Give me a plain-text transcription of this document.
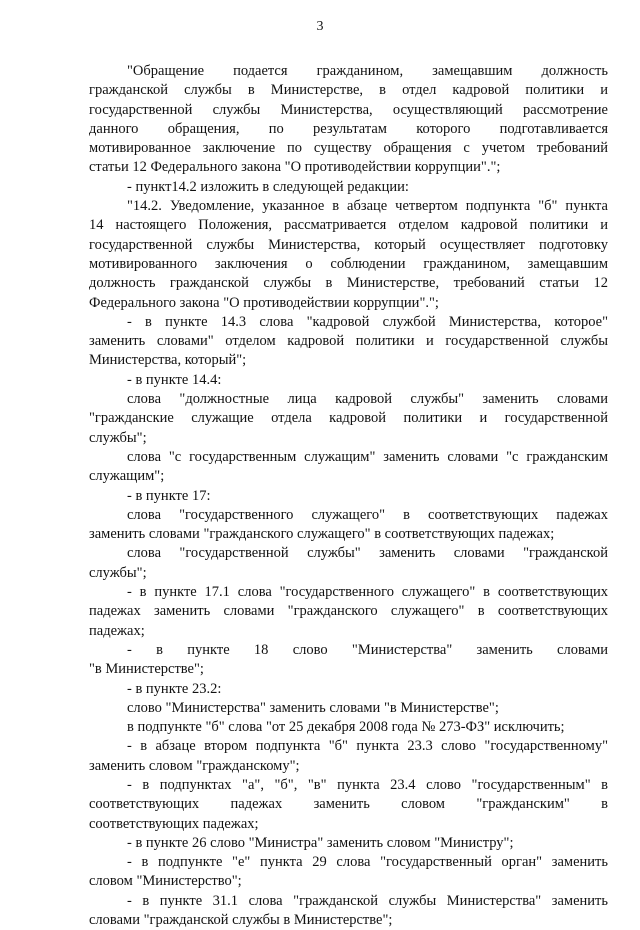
3
"Обращение подается гражданином, замещавшим должность
гражданской службы в Министерстве, в отдел кадровой политики и
государственной службы Министерства, осуществляющий рассмотрение
данного обращения, по результатам которого подготавливается
мотивированное заключение по существу обращения с учетом требований
статьи 12 Федерального закона "О противодействии коррупции".";
- пункт14.2 изложить в следующей редакции:
"14.2. Уведомление, указанное в абзаце четвертом подпункта "б" пункта
14 настоящего Положения, рассматривается отделом кадровой политики и
государственной службы Министерства, который осуществляет подготовку
мотивированного заключения о соблюдении гражданином, замещавшим
должность гражданской службы в Министерстве, требований статьи 12
Федерального закона "О противодействии коррупции".";
- в пункте 14.3 слова "кадровой службой Министерства, которое"
заменить словами" отделом кадровой политики и государственной службы
Министерства, который";
- в пункте 14.4:
слова "должностные лица кадровой службы" заменить словами
"гражданские служащие отдела кадровой политики и государственной
службы";
слова "с государственным служащим" заменить словами "с гражданским
служащим";
- в пункте 17:
слова "государственного служащего" в соответствующих падежах
заменить словами "гражданского служащего" в соответствующих падежах;
слова "государственной службы" заменить словами "гражданской
службы";
- в пункте 17.1 слова "государственного служащего" в соответствующих
падежах заменить словами "гражданского служащего" в соответствующих
падежах;
- в пункте 18 слово "Министерства" заменить словами
"в Министерстве";
- в пункте 23.2:
слово "Министерства" заменить словами "в Министерстве";
в подпункте "б" слова "от 25 декабря 2008 года № 273-ФЗ" исключить;
- в абзаце втором подпункта "б" пункта 23.3 слово "государственному"
заменить словом "гражданскому";
- в подпунктах "а", "б", "в" пункта 23.4 слово "государственным" в
соответствующих падежах заменить словом "гражданским" в
соответствующих падежах;
- в пункте 26 слово "Министра" заменить словом "Министру";
- в подпункте "е" пункта 29 слова "государственный орган" заменить
словом "Министерство";
- в пункте 31.1 слова "гражданской службы Министерства" заменить
словами "гражданской службы в Министерстве";
